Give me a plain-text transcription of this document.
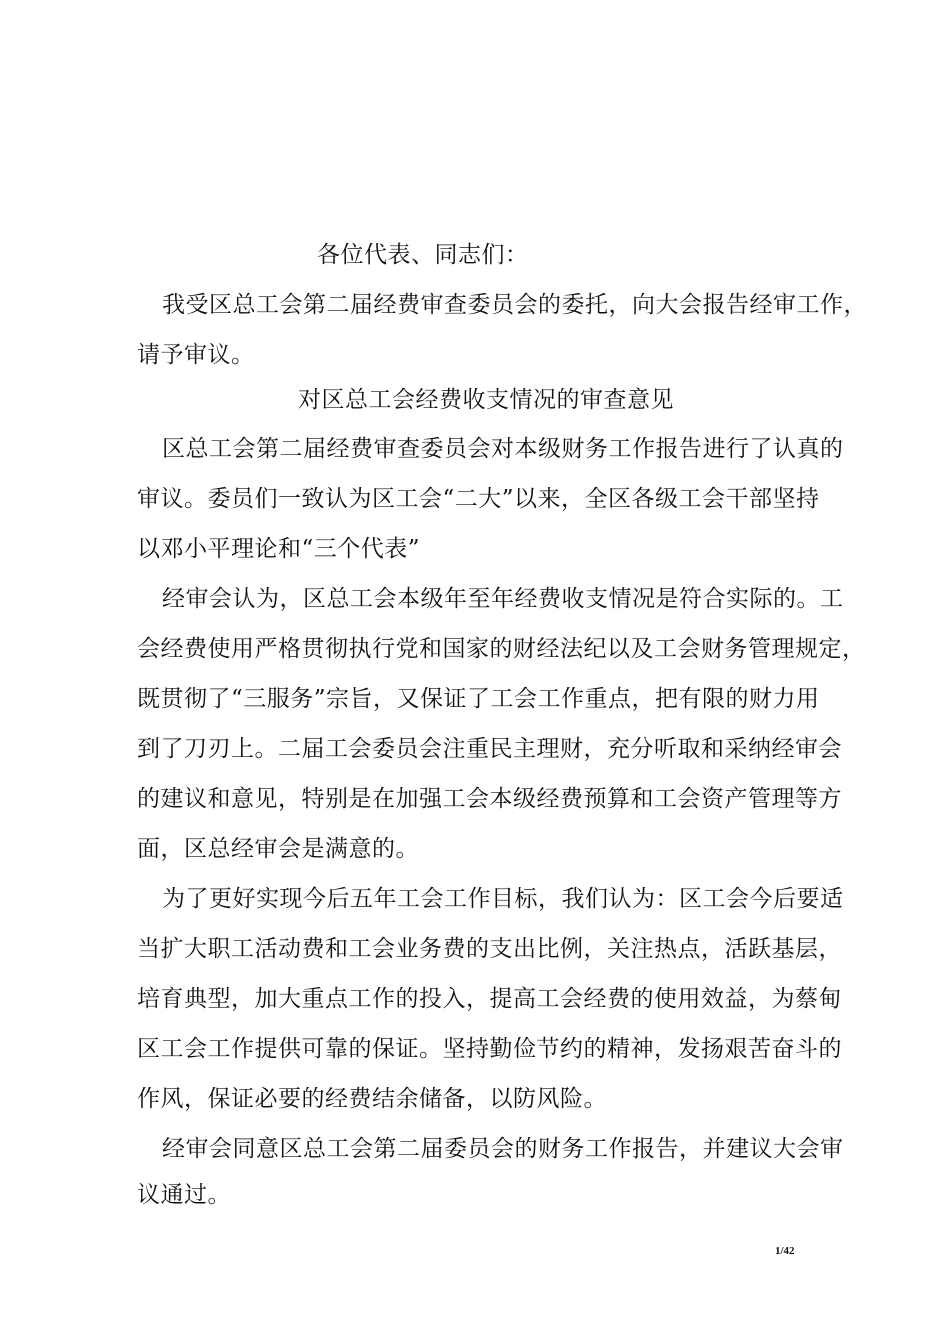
各位代表、同志们：
我受区总工会第二届经费审查委员会的委托，向大会报告经审工作，
请予审议。
对区总工会经费收支情况的审查意见
区总工会第二届经费审查委员会对本级财务工作报告进行了认真的
审议。委员们一致认为区工会“二大”以来，全区各级工会干部坚持
以邓小平理论和“三个代表”
经审会认为，区总工会本级年至年经费收支情况是符合实际的。工
会经费使用严格贯彻执行党和国家的财经法纪以及工会财务管理规定，
既贯彻了“三服务”宗旨，又保证了工会工作重点，把有限的财力用
到了刀刃上。二届工会委员会注重民主理财，充分听取和采纳经审会
的建议和意见，特别是在加强工会本级经费预算和工会资产管理等方
面，区总经审会是满意的。
为了更好实现今后五年工会工作目标，我们认为：区工会今后要适
当扩大职工活动费和工会业务费的支出比例，关注热点，活跃基层，
培育典型，加大重点工作的投入，提高工会经费的使用效益，为蔡甸
区工会工作提供可靠的保证。坚持勤俭节约的精神，发扬艰苦奋斗的
作风，保证必要的经费结余储备，以防风险。
经审会同意区总工会第二届委员会的财务工作报告，并建议大会审
议通过。
1/42
